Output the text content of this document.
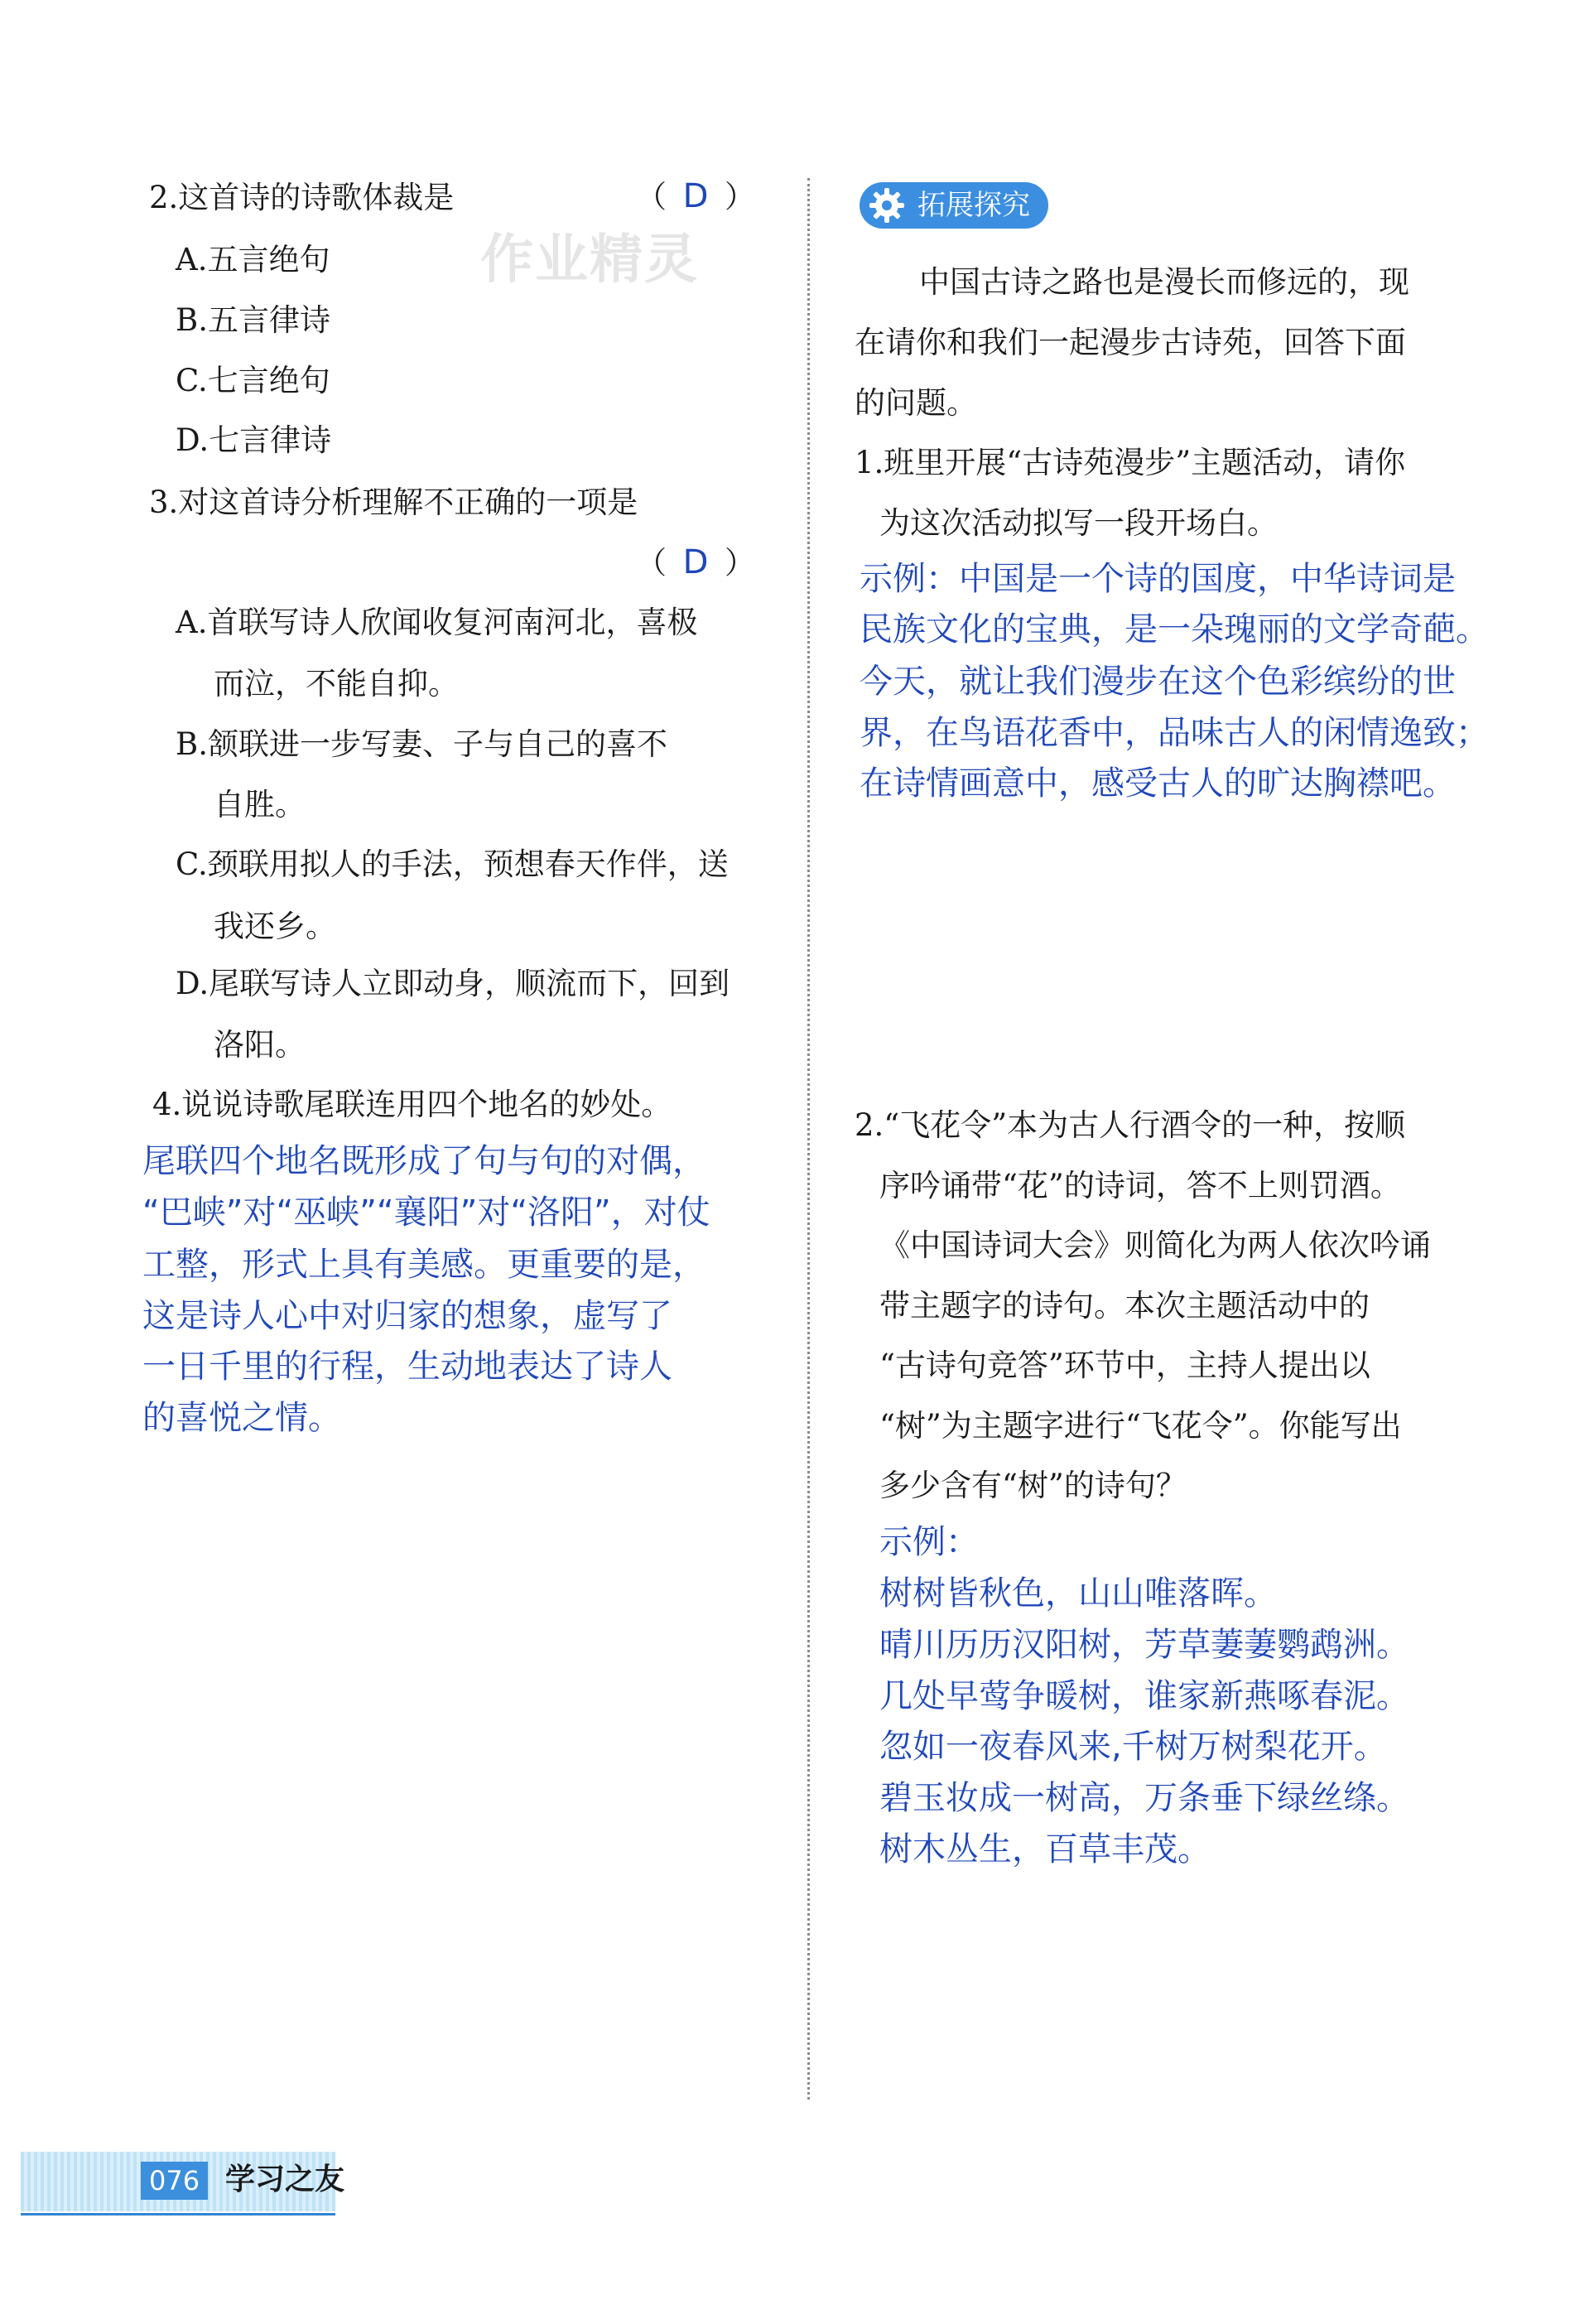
2.这首诗的诗歌体裁是	（ D ）
作业精灵
A.五言绝句
B.五言律诗
C.七言绝句
D.七言律诗
3.对这首诗分析理解不正确的一项是
（ D ）
A.首联写诗人欣闻收复河南河北，喜极
而泣，不能自抑。
B.颔联进一步写妻、子与自己的喜不
自胜。
C.颈联用拟人的手法，预想春天作伴，送
我还乡。
D.尾联写诗人立即动身，顺流而下，回到
洛阳。
4.说说诗歌尾联连用四个地名的妙处。
尾联四个地名既形成了句与句的对偶，
“巴峡”对“巫峡”“襄阳”对“洛阳”，对仗
工整，形式上具有美感。更重要的是，
这是诗人心中对归家的想象，虚写了
一日千里的行程，生动地表达了诗人
的喜悦之情。
拓展探究
中国古诗之路也是漫长而修远的，现
在请你和我们一起漫步古诗苑，回答下面
的问题。
1.班里开展“古诗苑漫步”主题活动，请你
为这次活动拟写一段开场白。
示例：中国是一个诗的国度，中华诗词是
民族文化的宝典，是一朵瑰丽的文学奇葩。
今天，就让我们漫步在这个色彩缤纷的世
界，在鸟语花香中，品味古人的闲情逸致；
在诗情画意中，感受古人的旷达胸襟吧。
2.“飞花令”本为古人行酒令的一种，按顺
序吟诵带“花”的诗词，答不上则罚酒。
《中国诗词大会》则简化为两人依次吟诵
带主题字的诗句。本次主题活动中的
“古诗句竞答”环节中，主持人提出以
“树”为主题字进行“飞花令”。你能写出
多少含有“树”的诗句？
示例：
树树皆秋色，山山唯落晖。
晴川历历汉阳树，芳草萋萋鹦鹉洲。
几处早莺争暖树，谁家新燕啄春泥。
忽如一夜春风来,千树万树梨花开。
碧玉妆成一树高，万条垂下绿丝绦。
树木丛生，百草丰茂。
076 学习之友
